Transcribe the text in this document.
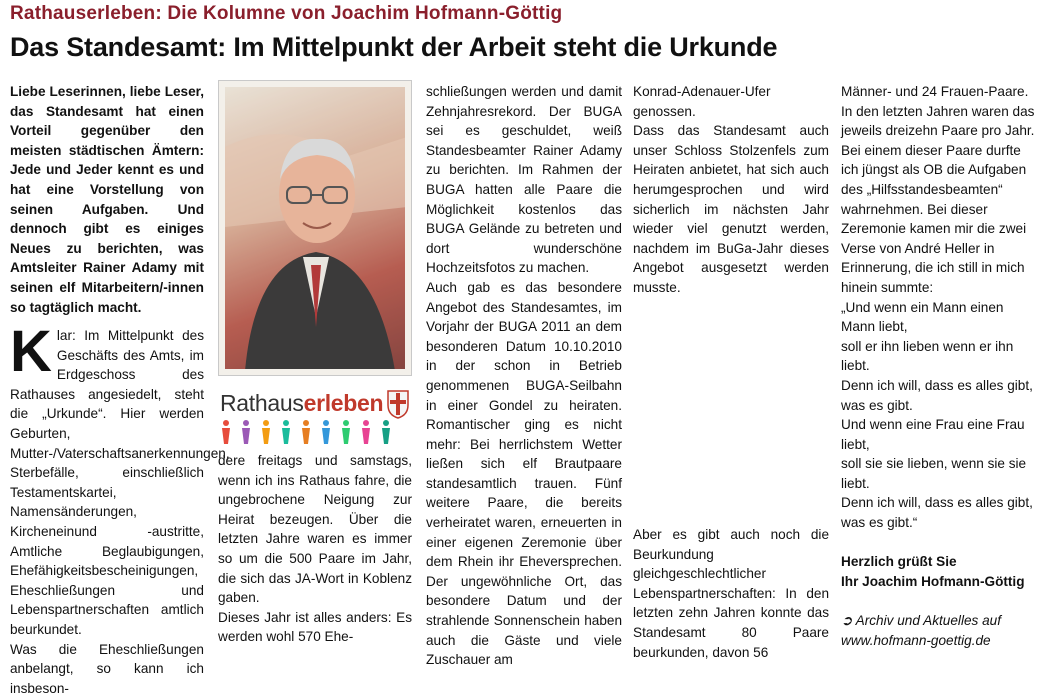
Rathauserleben: Die Kolumne von Joachim Hofmann-Göttig
Das Standesamt: Im Mittelpunkt der Arbeit steht die Urkunde

Liebe Leserinnen, liebe Leser, das Standesamt hat einen Vorteil gegenüber den meisten städtischen Ämtern: Jede und Jeder kennt es und hat eine Vorstellung von seinen Aufgaben. Und dennoch gibt es einiges Neues zu berichten, was Amtsleiter Rainer Adamy mit seinen elf Mitarbeitern/-innen so tagtäglich macht.

Klar: Im Mittelpunkt des Geschäfts des Amts, im Erdgeschoss des Rathauses angesiedelt, steht die „Urkunde“. Hier werden Geburten, Mutter-/Vaterschaftsanerkennungen, Sterbefälle, einschließlich Testamentskartei, Namensänderungen, Kircheneinund -austritte, Amtliche Beglaubigungen, Ehefähigkeitsbescheinigungen, Eheschließungen und Lebenspartnerschaften amtlich beurkundet.

Was die Eheschließungen anbelangt, so kann ich insbeson-

Rathauserleben

dere freitags und samstags, wenn ich ins Rathaus fahre, die ungebrochene Neigung zur Heirat bezeugen. Über die letzten Jahre waren es immer so um die 500 Paare im Jahr, die sich das JA-Wort in Koblenz gaben.

Dieses Jahr ist alles anders: Es werden wohl 570 Ehe-

schließungen werden und damit Zehnjahresrekord. Der BUGA sei es geschuldet, weiß Standesbeamter Rainer Adamy zu berichten. Im Rahmen der BUGA hatten alle Paare die Möglichkeit kostenlos das BUGA Gelände zu betreten und dort wunderschöne Hochzeitsfotos zu machen.

Auch gab es das besondere Angebot des Standesamtes, im Vorjahr der BUGA 2011 an dem besonderen Datum 10.10.2010 in der schon in Betrieb genommenen BUGA-Seilbahn in einer Gondel zu heiraten. Romantischer ging es nicht mehr: Bei herrlichstem Wetter ließen sich elf Brautpaare standesamtlich trauen. Fünf weitere Paare, die bereits verheiratet waren, erneuerten in einer eigenen Zeremonie über dem Rhein ihr Eheversprechen. Der ungewöhnliche Ort, das besondere Datum und der strahlende Sonnenschein haben auch die Gäste und viele Zuschauer am

Konrad-Adenauer-Ufer genossen.

Dass das Standesamt auch unser Schloss Stolzenfels zum Heiraten anbietet, hat sich auch herumgesprochen und wird sicherlich im nächsten Jahr wieder viel genutzt werden, nachdem im BuGa-Jahr dieses Angebot ausgesetzt werden musste.

Aber es gibt auch noch die Beurkundung gleichgeschlechtlicher Lebenspartnerschaften: In den letzten zehn Jahren konnte das Standesamt 80 Paare beurkunden, davon 56

Männer- und 24 Frauen-Paare. In den letzten Jahren waren das jeweils dreizehn Paare pro Jahr.

Bei einem dieser Paare durfte ich jüngst als OB die Aufgaben des „Hilfsstandesbeamten“ wahrnehmen. Bei dieser Zeremonie kamen mir die zwei Verse von André Heller in Erinnerung, die ich still in mich hinein summte:

„Und wenn ein Mann einen Mann liebt,

soll er ihn lieben wenn er ihn liebt.

Denn ich will, dass es alles gibt, was es gibt.

Und wenn eine Frau eine Frau liebt,

soll sie sie lieben, wenn sie sie liebt.

Denn ich will, dass es alles gibt, was es gibt.“

Herzlich grüßt Sie

Ihr Joachim Hofmann-Göttig

➲ Archiv und Aktuelles auf

www.hofmann-goettig.de
